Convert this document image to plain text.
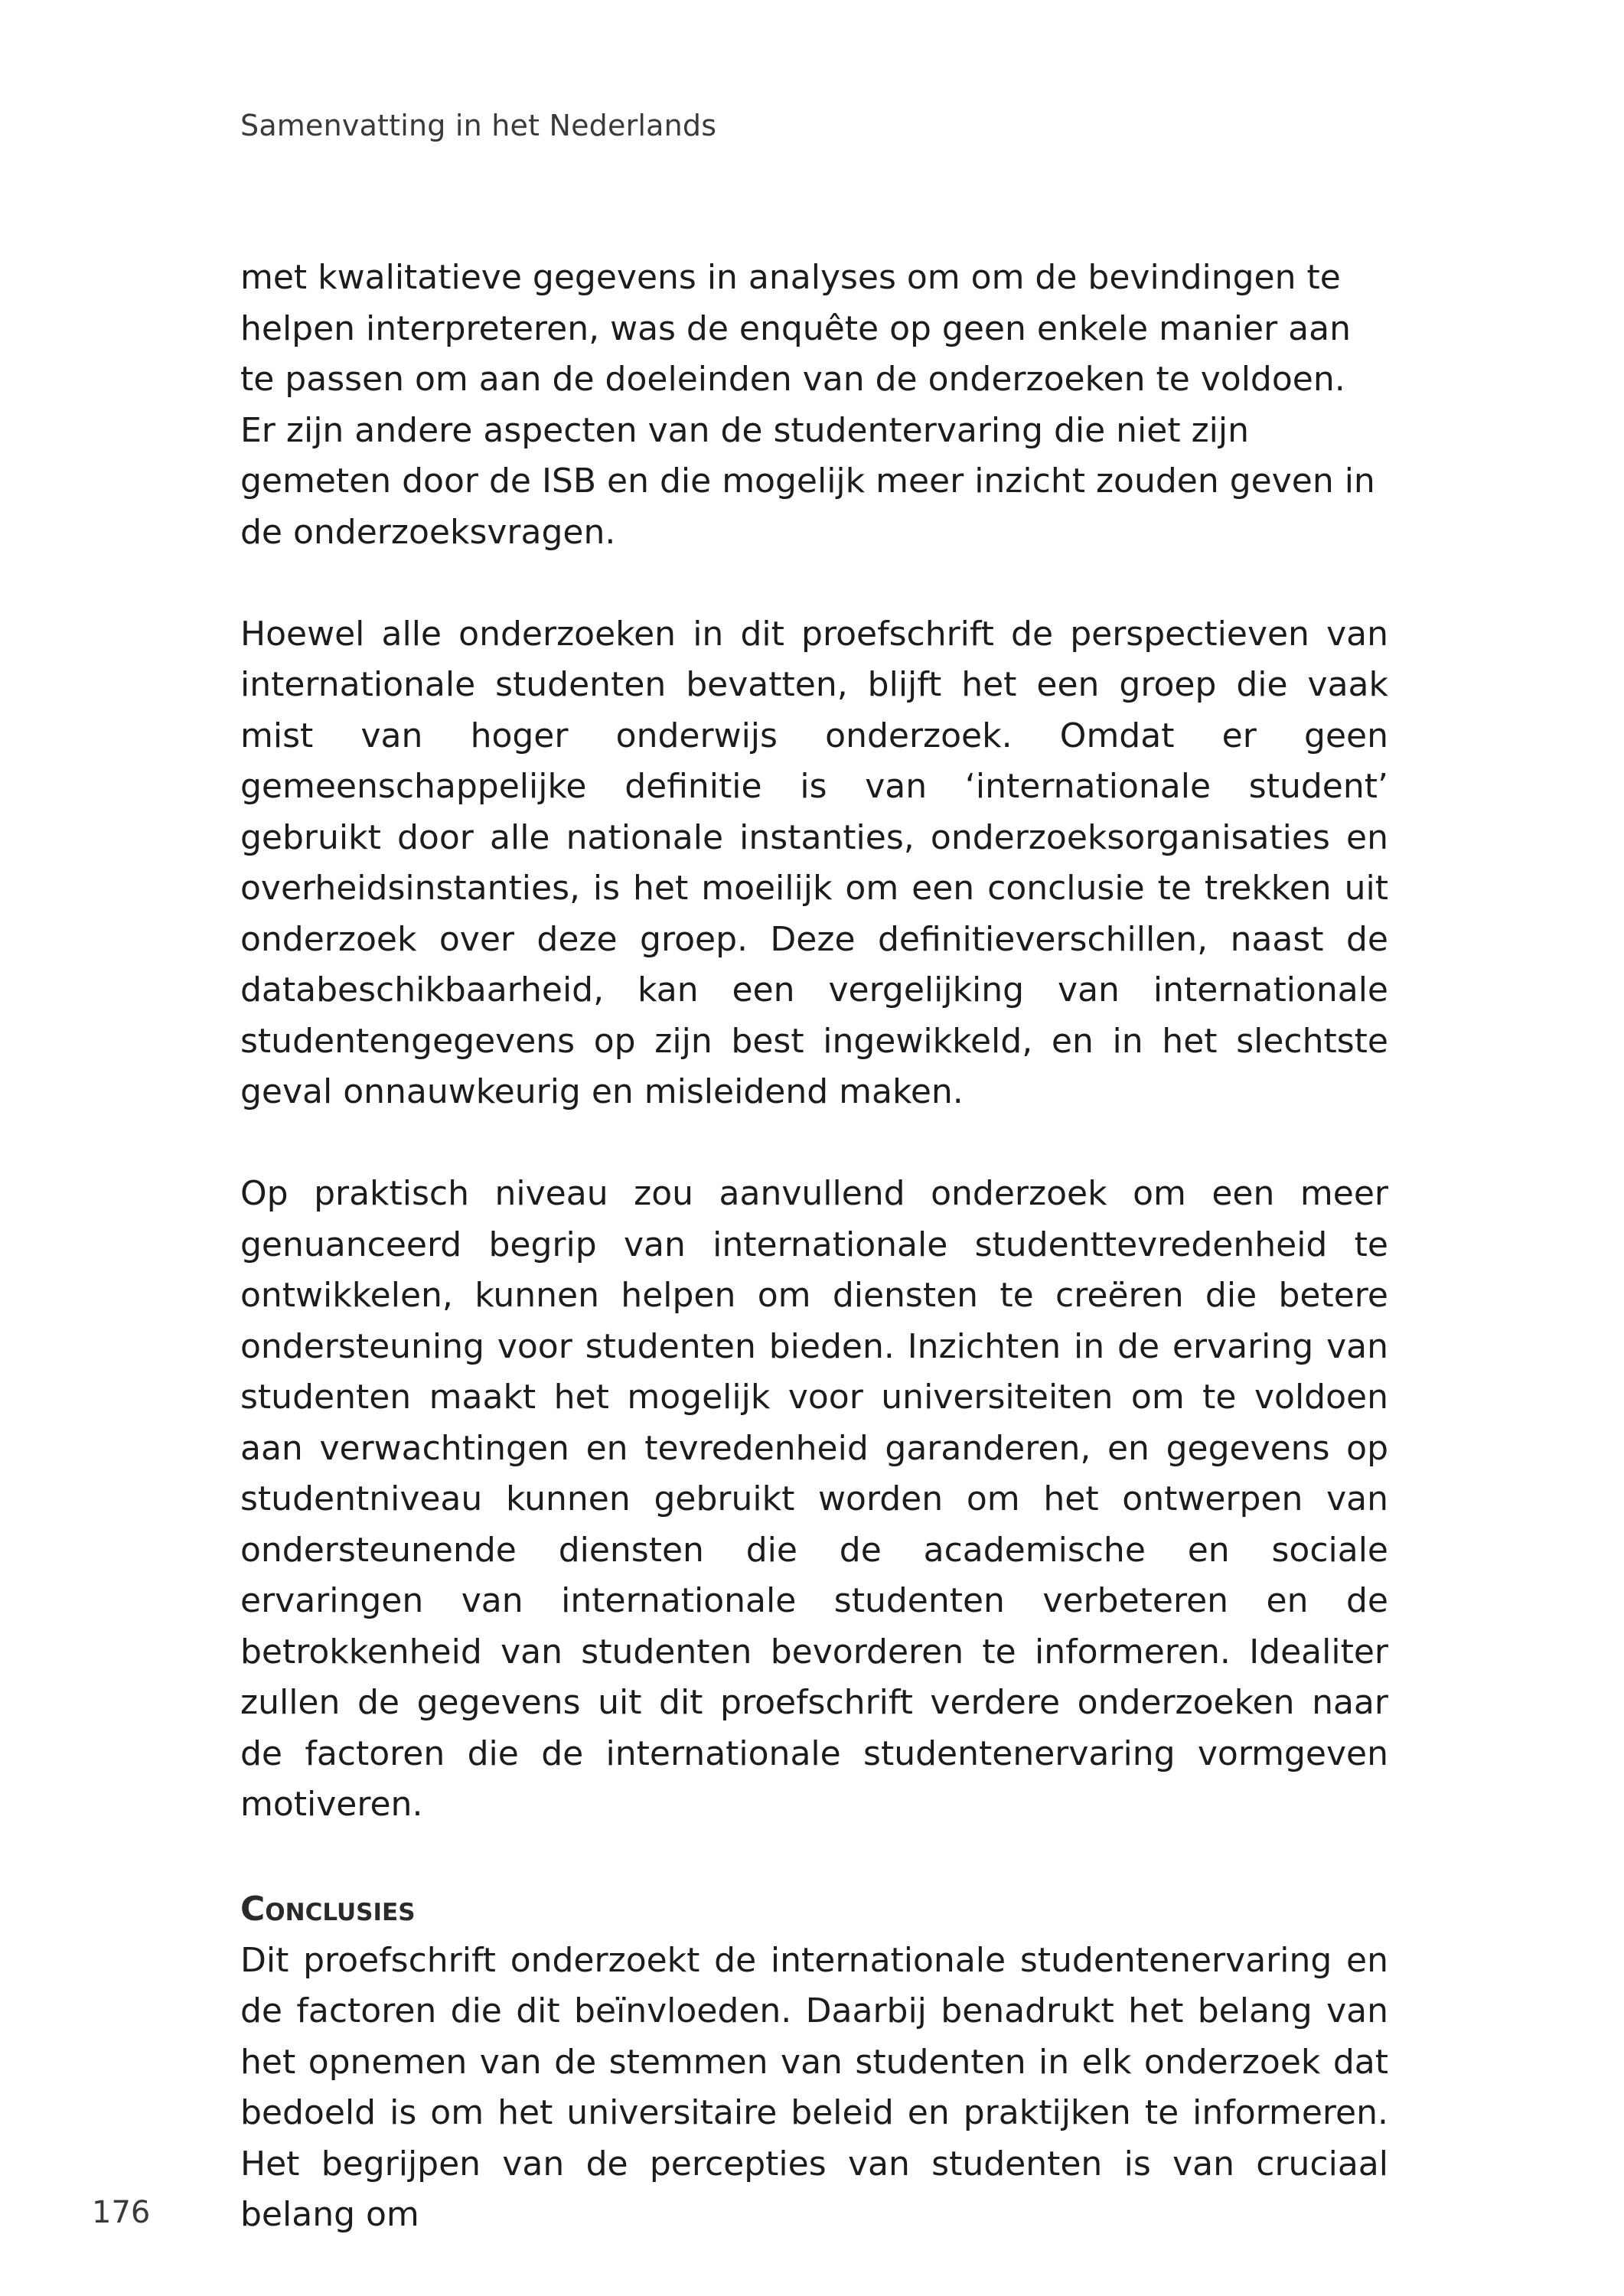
Samenvatting in het Nederlands

met kwalitatieve gegevens in analyses om om de bevindingen te helpen interpreteren, was de enquête op geen enkele manier aan te passen om aan de doeleinden van de onderzoeken te voldoen. Er zijn andere aspecten van de studentervaring die niet zijn gemeten door de ISB en die mogelijk meer inzicht zouden geven in de onderzoeksvragen.

Hoewel alle onderzoeken in dit proefschrift de perspectieven van internationale studenten bevatten, blijft het een groep die vaak mist van hoger onderwijs onderzoek. Omdat er geen gemeenschappelijke definitie is van ‘internationale student’ gebruikt door alle nationale instanties, onderzoeksorganisaties en overheidsinstanties, is het moeilijk om een conclusie te trekken uit onderzoek over deze groep. Deze definitieverschillen, naast de databeschikbaarheid, kan een vergelijking van internationale studentengegevens op zijn best ingewikkeld, en in het slechtste geval onnauwkeurig en misleidend maken.

Op praktisch niveau zou aanvullend onderzoek om een meer genuanceerd begrip van internationale studenttevredenheid te ontwikkelen, kunnen helpen om diensten te creëren die betere ondersteuning voor studenten bieden. Inzichten in de ervaring van studenten maakt het mogelijk voor universiteiten om te voldoen aan verwachtingen en tevredenheid garanderen, en gegevens op studentniveau kunnen gebruikt worden om het ontwerpen van ondersteunende diensten die de academische en sociale ervaringen van internationale studenten verbeteren en de betrokkenheid van studenten bevorderen te informeren. Idealiter zullen de gegevens uit dit proefschrift verdere onderzoeken naar de factoren die de internationale studentenervaring vormgeven motiveren.

Conclusies

Dit proefschrift onderzoekt de internationale studentenervaring en de factoren die dit beïnvloeden. Daarbij benadrukt het belang van het opnemen van de stemmen van studenten in elk onderzoek dat bedoeld is om het universitaire beleid en praktijken te informeren. Het begrijpen van de percepties van studenten is van cruciaal belang om

176
